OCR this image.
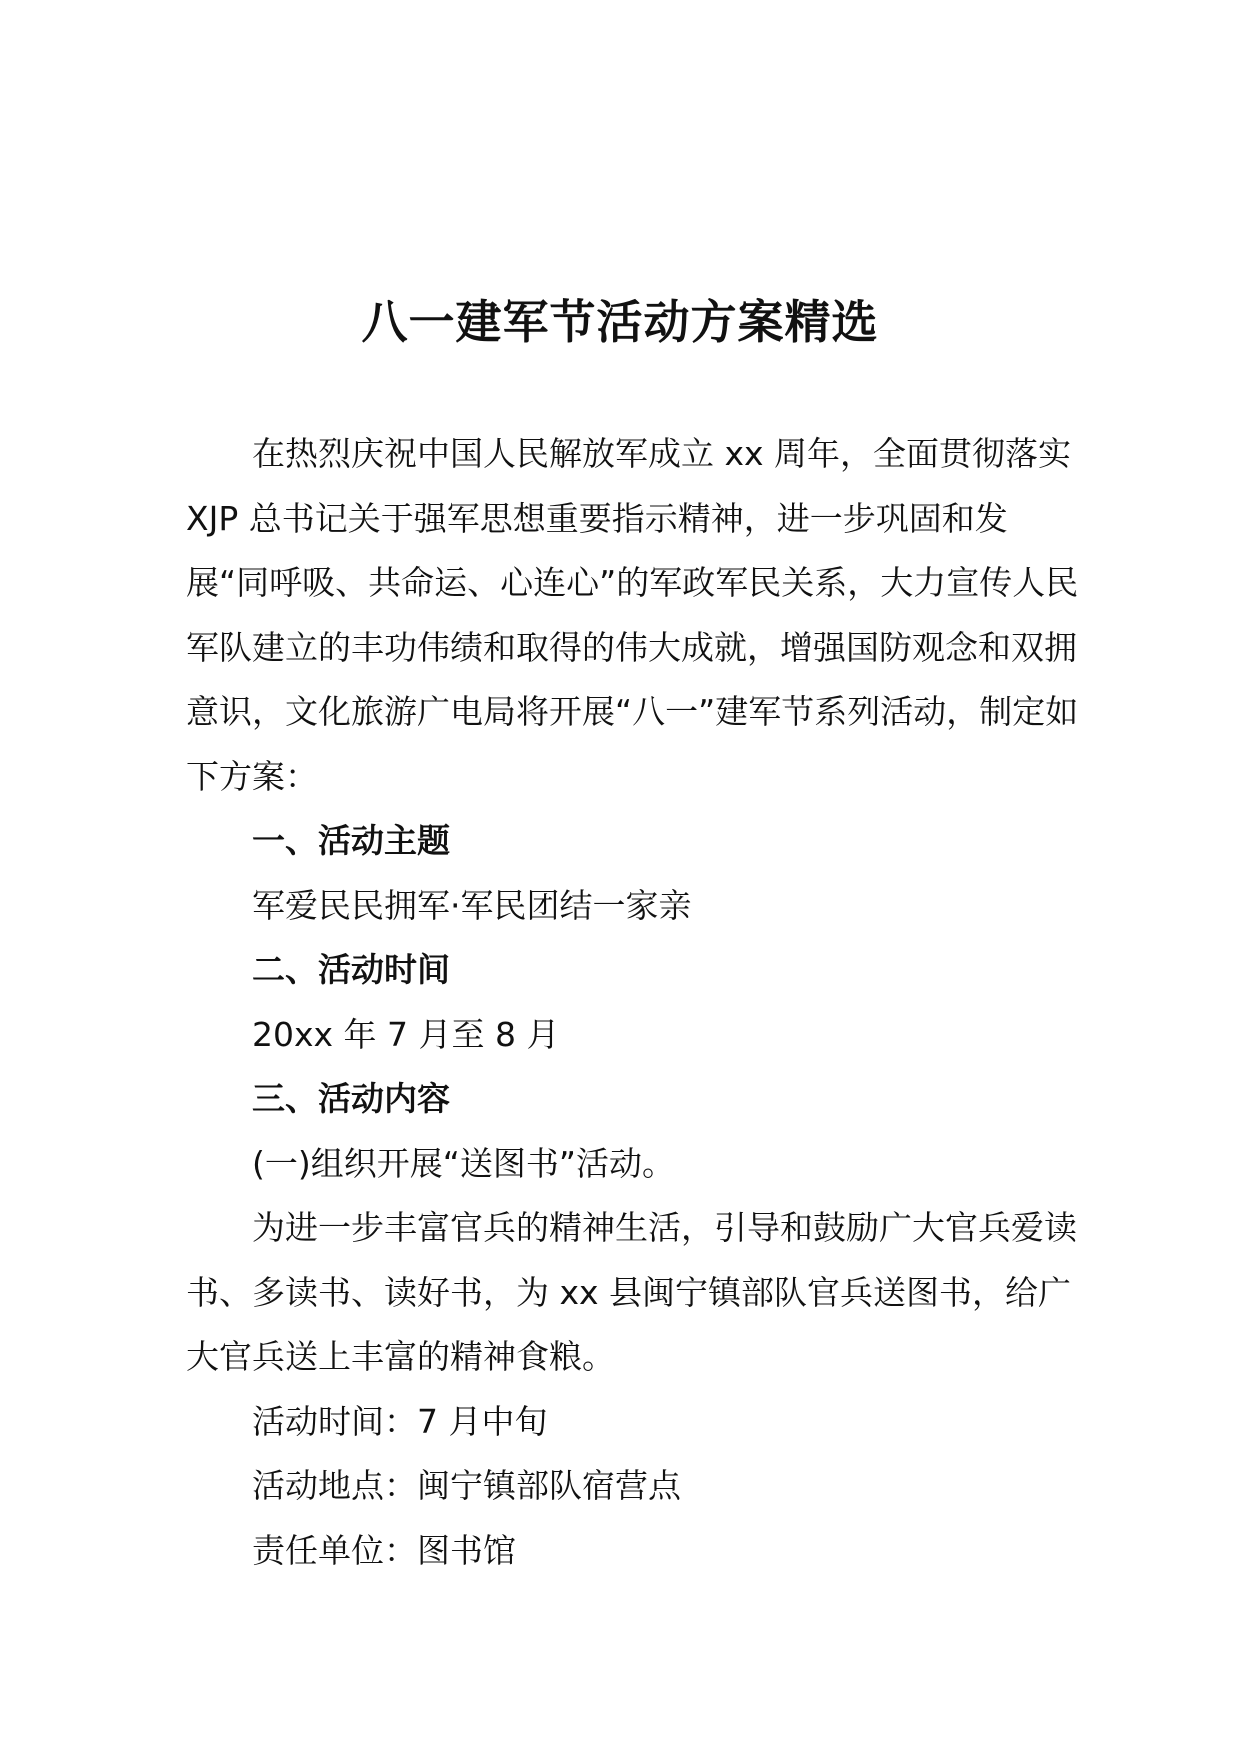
八一建军节活动方案精选

在热烈庆祝中国人民解放军成立 xx 周年，全面贯彻落实 XJP 总书记关于强军思想重要指示精神，进一步巩固和发展“同呼吸、共命运、心连心”的军政军民关系，大力宣传人民军队建立的丰功伟绩和取得的伟大成就，增强国防观念和双拥意识，文化旅游广电局将开展“八一”建军节系列活动，制定如下方案：

一、活动主题

军爱民民拥军·军民团结一家亲

二、活动时间

20xx 年 7 月至 8 月

三、活动内容

(一)组织开展“送图书”活动。

为进一步丰富官兵的精神生活，引导和鼓励广大官兵爱读书、多读书、读好书，为 xx 县闽宁镇部队官兵送图书，给广大官兵送上丰富的精神食粮。

活动时间：7 月中旬

活动地点：闽宁镇部队宿营点

责任单位：图书馆
